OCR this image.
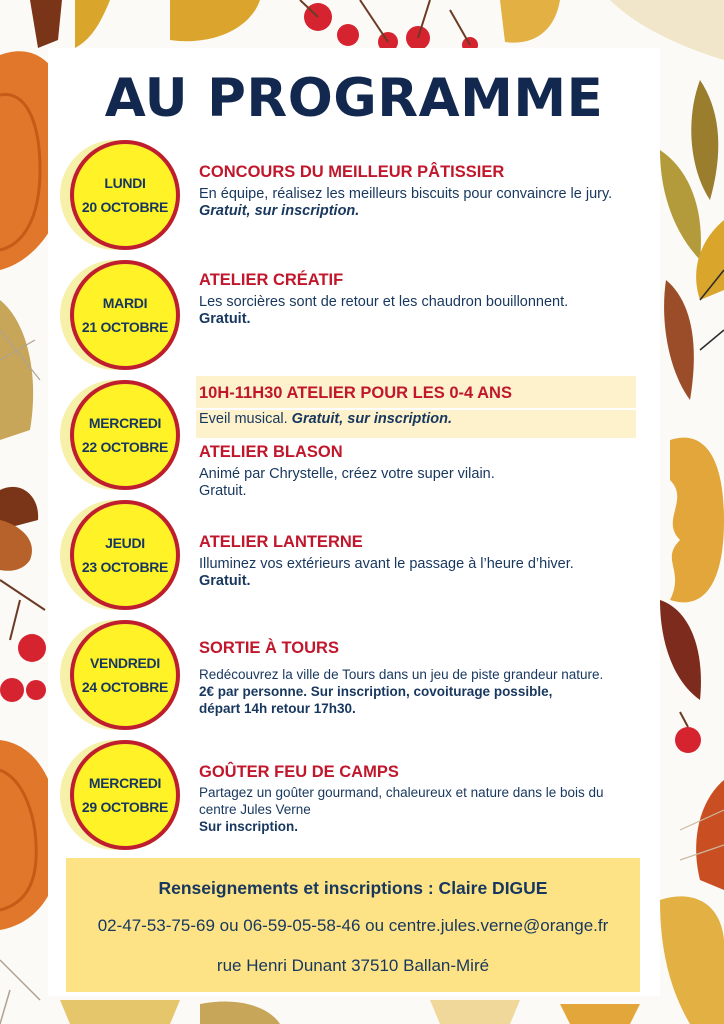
AU PROGRAMME
LUNDI
20 OCTOBRE
CONCOURS DU MEILLEUR PÂTISSIER
En équipe, réalisez les meilleurs biscuits pour convaincre le jury.
Gratuit, sur inscription.
MARDI
21 OCTOBRE
ATELIER CRÉATIF
Les sorcières sont de retour et les chaudron bouillonnent.
Gratuit.
MERCREDI
22 OCTOBRE
10H-11H30 ATELIER POUR LES 0-4 ANS
Eveil musical. Gratuit, sur inscription.
ATELIER BLASON
Animé par Chrystelle, créez votre super vilain.
Gratuit.
JEUDI
23 OCTOBRE
ATELIER LANTERNE
Illuminez vos extérieurs avant le passage à l’heure d’hiver.
Gratuit.
VENDREDI
24 OCTOBRE
SORTIE À TOURS
Redécouvrez la ville de Tours dans un jeu de piste grandeur nature.
2€ par personne. Sur inscription, covoiturage possible,
départ 14h retour 17h30.
MERCREDI
29 OCTOBRE
GOÛTER FEU DE CAMPS
Partagez un goûter gourmand, chaleureux et nature dans le bois du
centre Jules Verne
Sur inscription.
Renseignements et inscriptions : Claire DIGUE
02-47-53-75-69 ou 06-59-05-58-46 ou centre.jules.verne@orange.fr
rue Henri Dunant 37510 Ballan-Miré
